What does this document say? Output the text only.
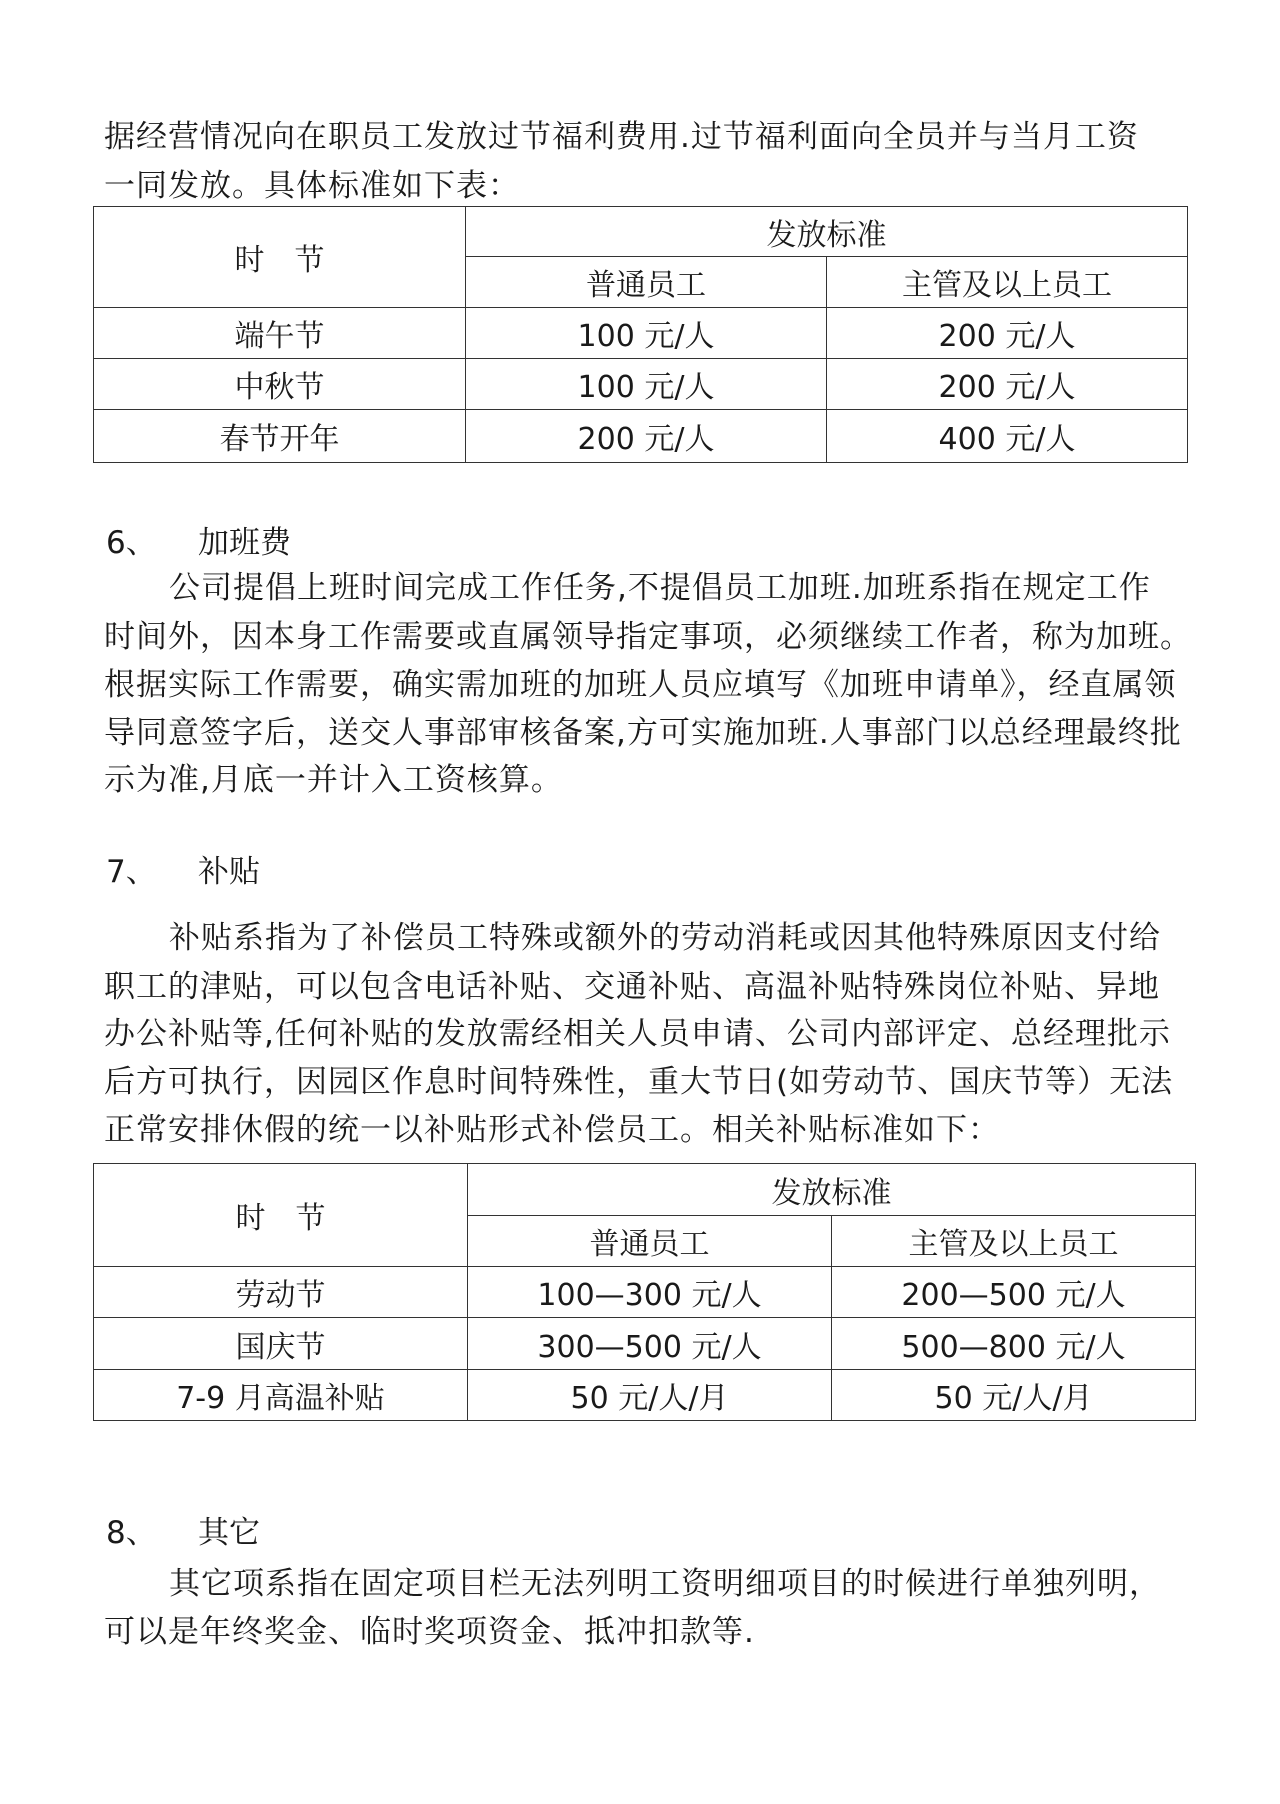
据经营情况向在职员工发放过节福利费用.过节福利面向全员并与当月工资
一同发放。具体标准如下表：
时　节	发放标准	
	普通员工	主管及以上员工
端午节	100 元/人	200 元/人
中秋节	100 元/人	200 元/人
春节开年	200 元/人	400 元/人
6、 加班费
　公司提倡上班时间完成工作任务,不提倡员工加班.加班系指在规定工作
时间外，因本身工作需要或直属领导指定事项，必须继续工作者，称为加班。
根据实际工作需要，确实需加班的加班人员应填写《加班申请单》，经直属领
导同意签字后，送交人事部审核备案,方可实施加班.人事部门以总经理最终批
示为准,月底一并计入工资核算。
7、 补贴
　补贴系指为了补偿员工特殊或额外的劳动消耗或因其他特殊原因支付给
职工的津贴，可以包含电话补贴、交通补贴、高温补贴特殊岗位补贴、异地
办公补贴等,任何补贴的发放需经相关人员申请、公司内部评定、总经理批示
后方可执行，因园区作息时间特殊性，重大节日(如劳动节、国庆节等）无法
正常安排休假的统一以补贴形式补偿员工。相关补贴标准如下：
时　节	发放标准	
	普通员工	主管及以上员工
劳动节	100—300 元/人	200—500 元/人
国庆节	300—500 元/人	500—800 元/人
7-9 月高温补贴	50 元/人/月	50 元/人/月
8、 其它
　其它项系指在固定项目栏无法列明工资明细项目的时候进行单独列明，
可以是年终奖金、临时奖项资金、抵冲扣款等.
